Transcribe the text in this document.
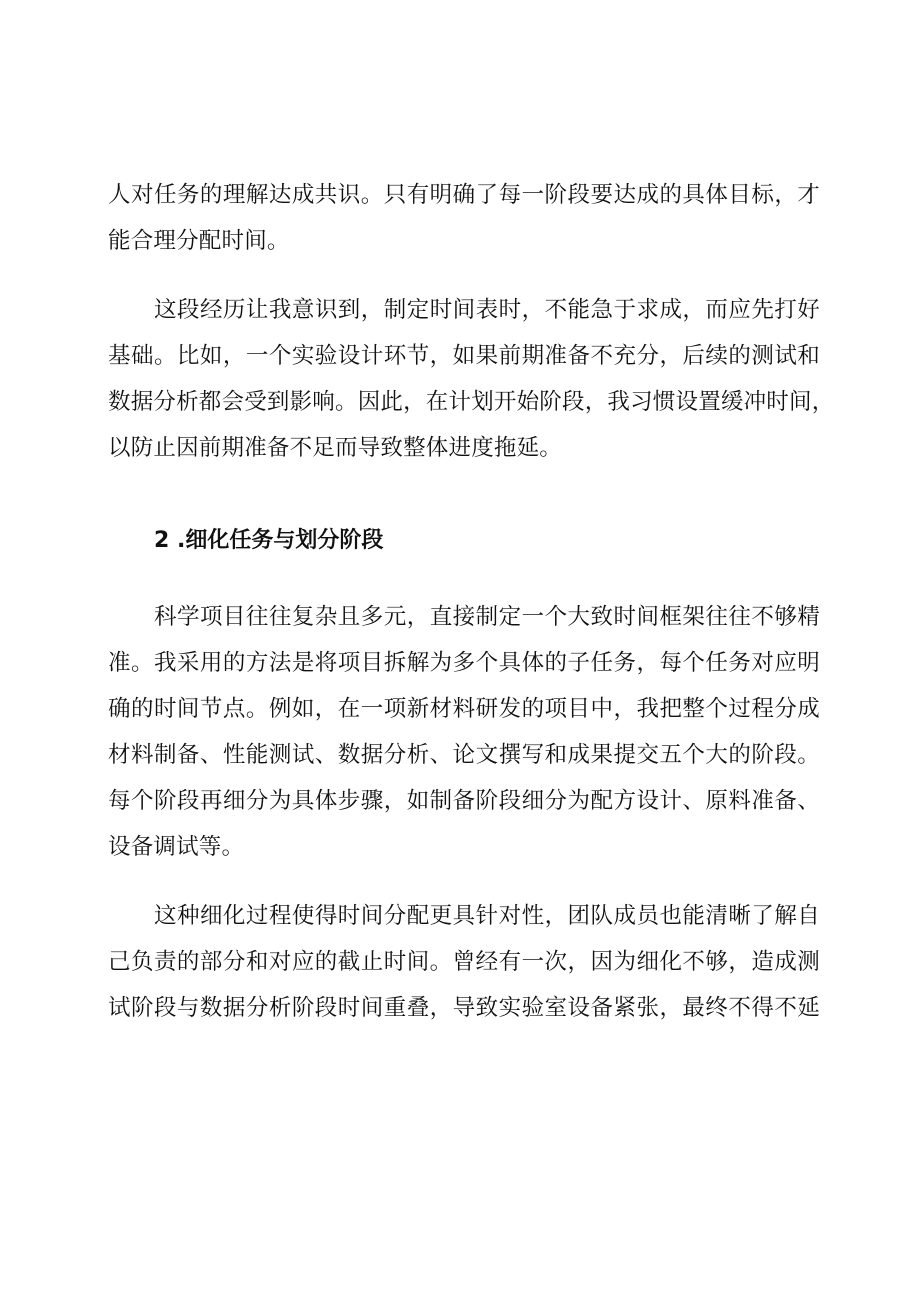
人对任务的理解达成共识。只有明确了每一阶段要达成的具体目标，才

能合理分配时间。

这段经历让我意识到，制定时间表时，不能急于求成，而应先打好

基础。比如，一个实验设计环节，如果前期准备不充分，后续的测试和

数据分析都会受到影响。因此，在计划开始阶段，我习惯设置缓冲时间，

以防止因前期准备不足而导致整体进度拖延。

2 .细化任务与划分阶段

科学项目往往复杂且多元，直接制定一个大致时间框架往往不够精

准。我采用的方法是将项目拆解为多个具体的子任务，每个任务对应明

确的时间节点。例如，在一项新材料研发的项目中，我把整个过程分成

材料制备、性能测试、数据分析、论文撰写和成果提交五个大的阶段。

每个阶段再细分为具体步骤，如制备阶段细分为配方设计、原料准备、

设备调试等。

这种细化过程使得时间分配更具针对性，团队成员也能清晰了解自

己负责的部分和对应的截止时间。曾经有一次，因为细化不够，造成测

试阶段与数据分析阶段时间重叠，导致实验室设备紧张，最终不得不延
